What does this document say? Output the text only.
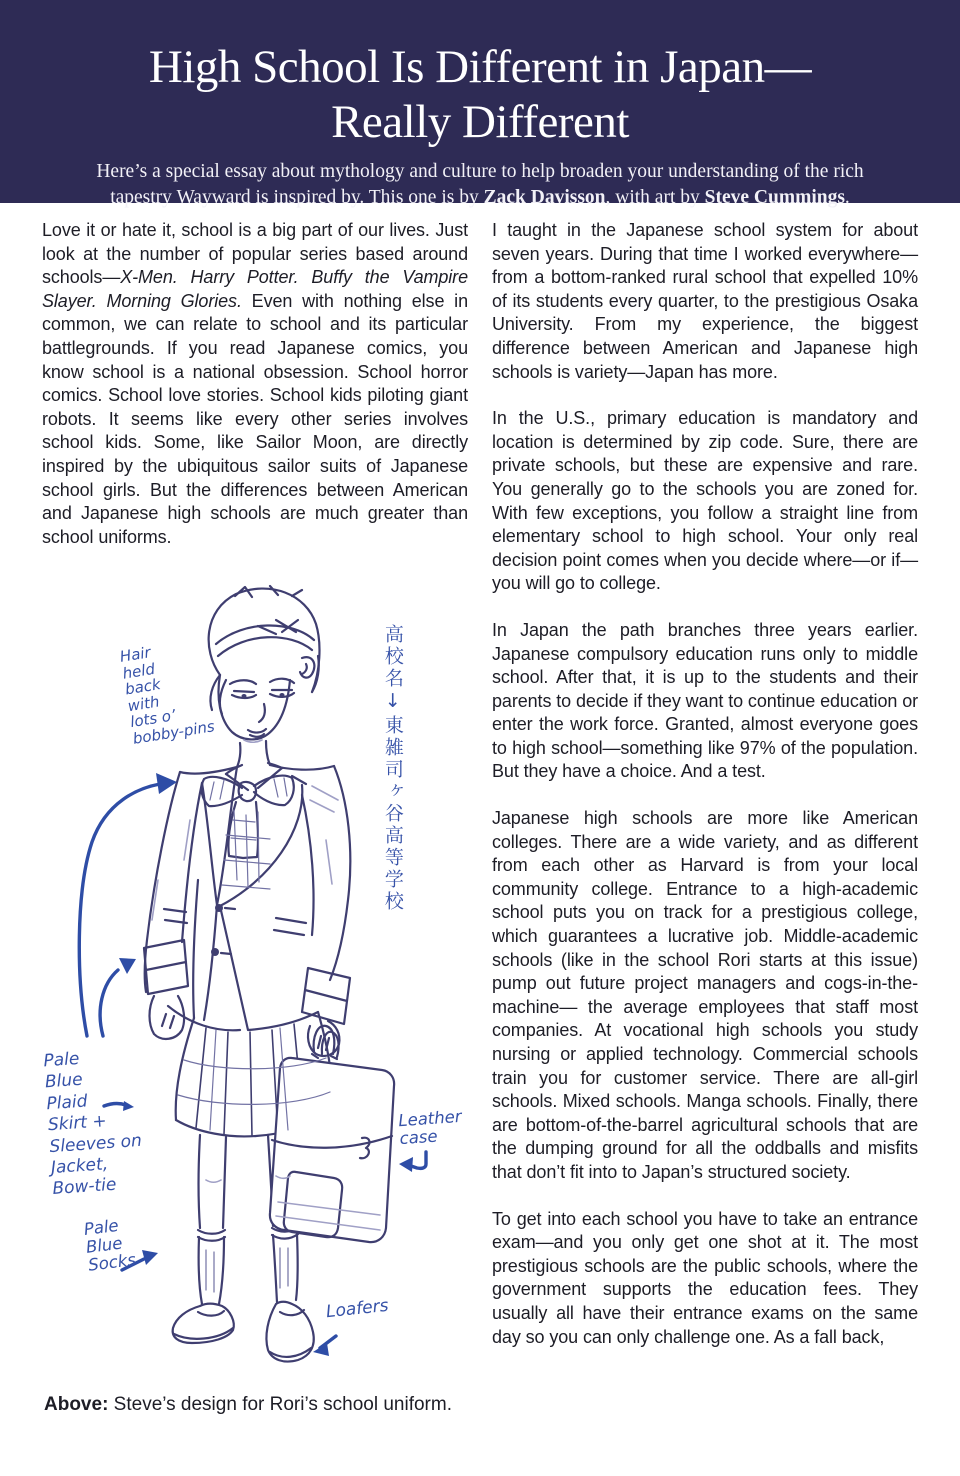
High School Is Different in Japan—
Really Different

Here’s a special essay about mythology and culture to help broaden your understanding of the rich tapestry Wayward is inspired by. This one is by Zack Davisson, with art by Steve Cummings.

Love it or hate it, school is a big part of our lives. Just look at the number of popular series based around schools—X-Men. Harry Potter. Buffy the Vampire Slayer. Morning Glories. Even with nothing else in common, we can relate to school and its particular battlegrounds. If you read Japanese comics, you know school is a national obsession. School horror comics. School love stories. School kids piloting giant robots. It seems like every other series involves school kids. Some, like Sailor Moon, are directly inspired by the ubiquitous sailor suits of Japanese school girls. But the differences between American and Japanese high schools are much greater than school uniforms.

Hair
held
back
with
lots o’
bobby-pins	高校名↓東雑司ヶ谷高等学校
Pale
Blue
Plaid
Skirt +
Sleeves on
Jacket,
Bow-tie
Pale
Blue
Socks
Loafers
Leather
case

Above: Steve’s design for Rori’s school uniform.

I taught in the Japanese school system for about seven years. During that time I worked everywhere—from a bottom-ranked rural school that expelled 10% of its students every quarter, to the prestigious Osaka University. From my experience, the biggest difference between American and Japanese high schools is variety—Japan has more.

In the U.S., primary education is mandatory and location is determined by zip code. Sure, there are private schools, but these are expensive and rare. You generally go to the schools you are zoned for. With few exceptions, you follow a straight line from elementary school to high school. Your only real decision point comes when you decide where—or if—you will go to college.

In Japan the path branches three years earlier. Japanese compulsory education runs only to middle school. After that, it is up to the students and their parents to decide if they want to continue education or enter the work force. Granted, almost everyone goes to high school—something like 97% of the population. But they have a choice. And a test.

Japanese high schools are more like American colleges. There are a wide variety, and as different from each other as Harvard is from your local community college. Entrance to a high-academic school puts you on track for a prestigious college, which guarantees a lucrative job. Middle-academic schools (like in the school Rori starts at this issue) pump out future project managers and cogs-in-the-machine— the average employees that staff most companies. At vocational high schools you study nursing or applied technology. Commercial schools train you for customer service. There are all-girl schools. Mixed schools. Manga schools. Finally, there are bottom-of-the-barrel agricultural schools that are the dumping ground for all the oddballs and misfits that don’t fit into to Japan’s structured society.

To get into each school you have to take an entrance exam—and you only get one shot at it. The most prestigious schools are the public schools, where the government supports the education fees. They usually all have their entrance exams on the same day so you can only challenge one. As a fall back,
